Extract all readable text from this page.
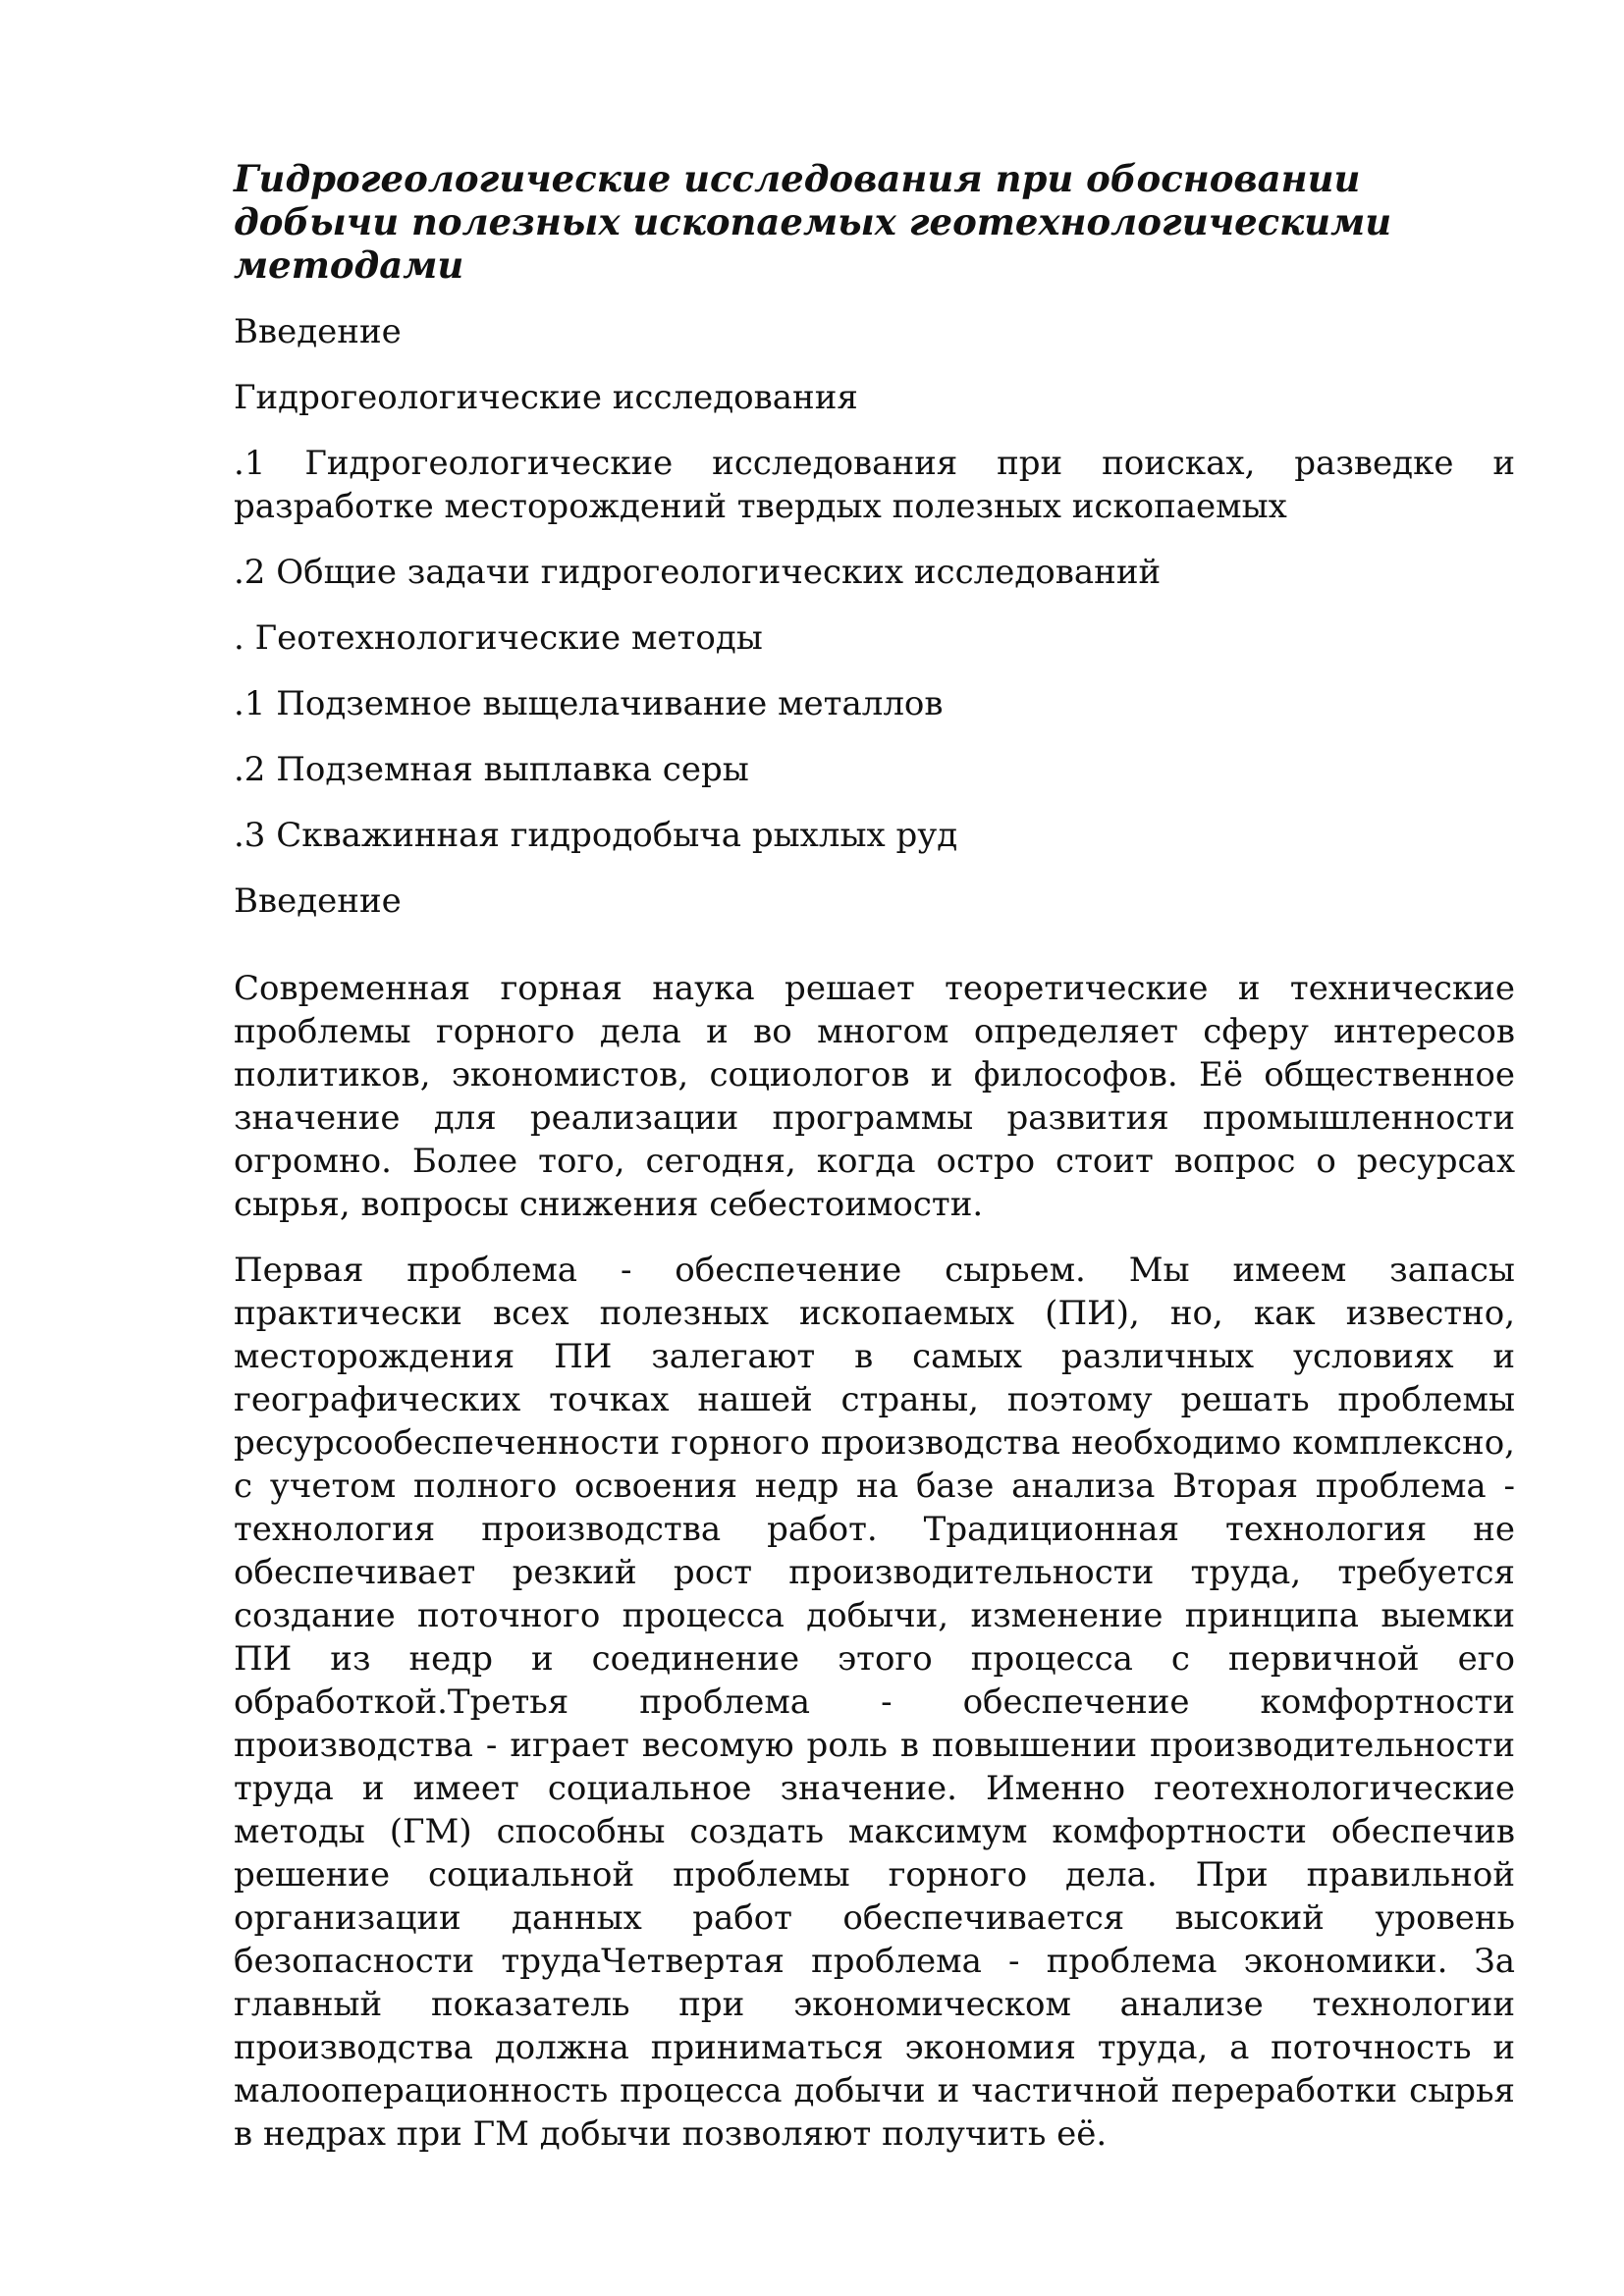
Гидрогеологические исследования при обосновании добычи полезных ископаемых геотехнологическими методами
Введение
Гидрогеологические исследования
.1 Гидрогеологические исследования при поисках, разведке и разработке месторождений твердых полезных ископаемых
.2 Общие задачи гидрогеологических исследований
. Геотехнологические методы
.1 Подземное выщелачивание металлов
.2 Подземная выплавка серы
.3 Скважинная гидродобыча рыхлых руд
Введение

Современная горная наука решает теоретические и технические проблемы горного дела и во многом определяет сферу интересов политиков, экономистов, социологов и философов. Её общественное значение для реализации программы развития промышленности огромно. Более того, сегодня, когда остро стоит вопрос о ресурсах сырья, вопросы снижения себестоимости.

Первая проблема - обеспечение сырьем. Мы имеем запасы практически всех полезных ископаемых (ПИ), но, как известно, месторождения ПИ залегают в самых различных условиях и географических точках нашей страны, поэтому решать проблемы ресурсообеспеченности горного производства необходимо комплексно, с учетом полного освоения недр на базе анализа Вторая проблема - технология производства работ. Традиционная технология не обеспечивает резкий рост производительности труда, требуется создание поточного процесса добычи, изменение принципа выемки ПИ из недр и соединение этого процесса с первичной его обработкой.Третья проблема - обеспечение комфортности производства - играет весомую роль в повышении производительности труда и имеет социальное значение. Именно геотехнологические методы (ГМ) способны создать максимум комфортности обеспечив решение социальной проблемы горного дела. При правильной организации данных работ обеспечивается высокий уровень безопасности трудаЧетвертая проблема - проблема экономики. За главный показатель при экономическом анализе технологии производства должна приниматься экономия труда, а поточность и малооперационность процесса добычи и частичной переработки сырья в недрах при ГМ добычи позволяют получить её.
